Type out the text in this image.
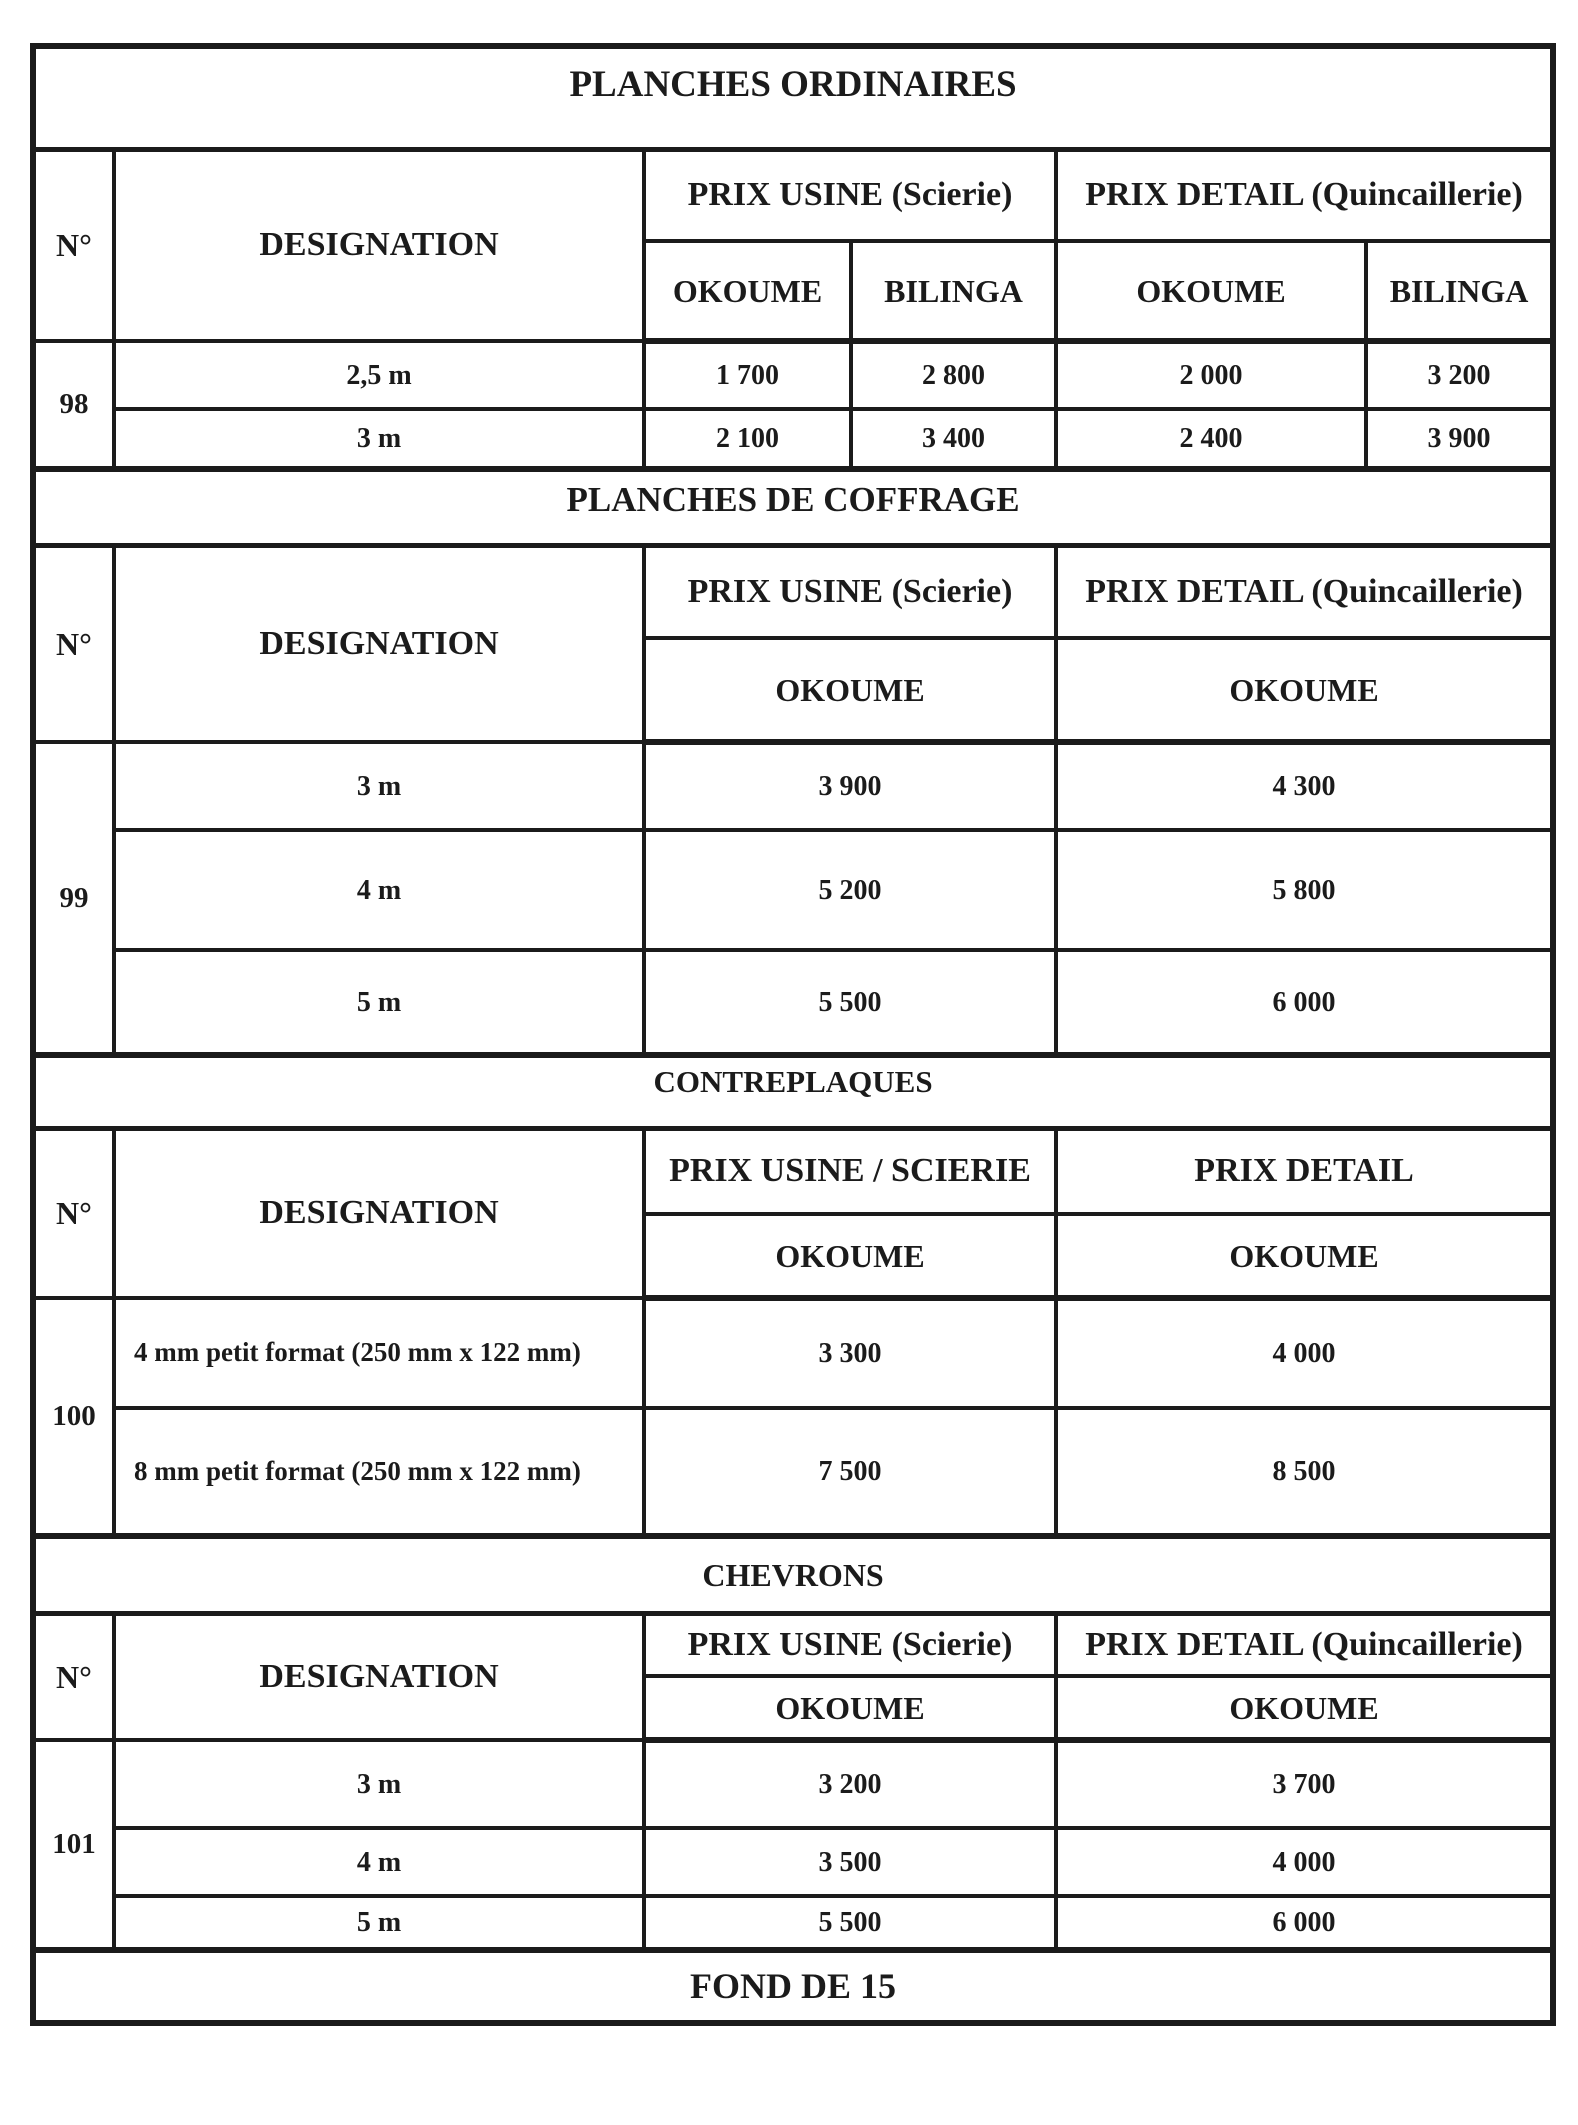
PLANCHES ORDINAIRES					
N°	DESIGNATION	PRIX USINE (Scierie)		PRIX DETAIL (Quincaillerie)	
		OKOUME	BILINGA	OKOUME	BILINGA
98	2,5 m	1 700	2 800	2 000	3 200
	3 m	2 100	3 400	2 400	3 900
PLANCHES DE COFFRAGE					
N°	DESIGNATION	PRIX USINE (Scierie)		PRIX DETAIL (Quincaillerie)	
		OKOUME		OKOUME	
99	3 m	3 900		4 300	
	4 m	5 200		5 800	
	5 m	5 500		6 000	
CONTREPLAQUES					
N°	DESIGNATION	PRIX USINE / SCIERIE		PRIX DETAIL	
		OKOUME		OKOUME	
100	4 mm petit format (250 mm x 122 mm)	3 300		4 000	
	8 mm petit format (250 mm x 122 mm)	7 500		8 500	
CHEVRONS					
N°	DESIGNATION	PRIX USINE (Scierie)		PRIX DETAIL (Quincaillerie)	
		OKOUME		OKOUME	
101	3 m	3 200		3 700	
	4 m	3 500		4 000	
	5 m	5 500		6 000	
FOND DE 15					
